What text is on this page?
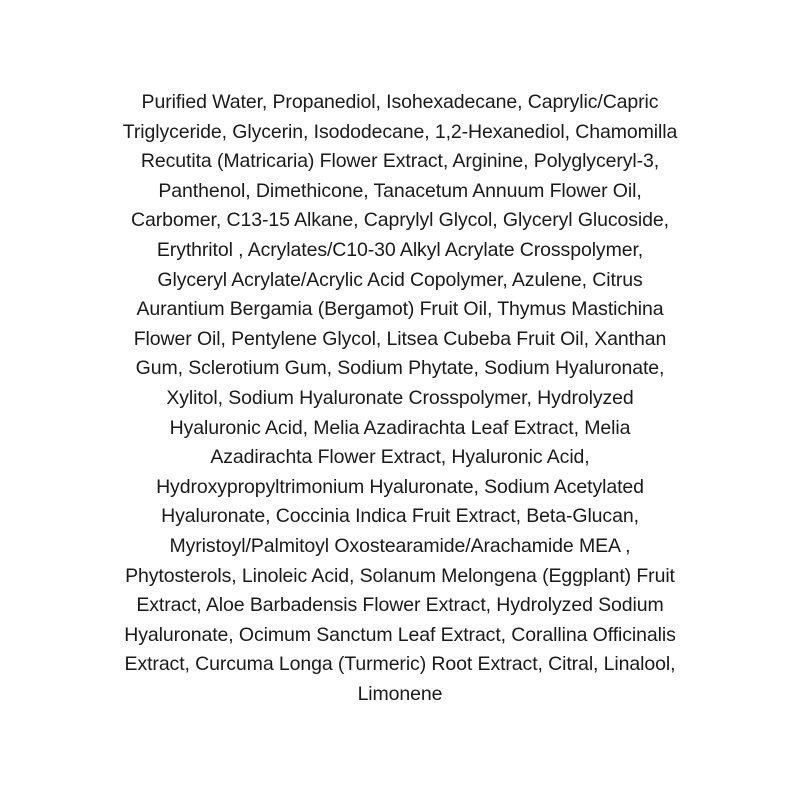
Purified Water, Propanediol, Isohexadecane, Caprylic/Capric
Triglyceride, Glycerin, Isododecane, 1,2-Hexanediol, Chamomilla
Recutita (Matricaria) Flower Extract, Arginine, Polyglyceryl-3,
Panthenol, Dimethicone, Tanacetum Annuum Flower Oil,
Carbomer, C13-15 Alkane, Caprylyl Glycol, Glyceryl Glucoside,
Erythritol , Acrylates/C10-30 Alkyl Acrylate Crosspolymer,
Glyceryl Acrylate/Acrylic Acid Copolymer, Azulene, Citrus
Aurantium Bergamia (Bergamot) Fruit Oil, Thymus Mastichina
Flower Oil, Pentylene Glycol, Litsea Cubeba Fruit Oil, Xanthan
Gum, Sclerotium Gum, Sodium Phytate, Sodium Hyaluronate,
Xylitol, Sodium Hyaluronate Crosspolymer, Hydrolyzed
Hyaluronic Acid, Melia Azadirachta Leaf Extract, Melia
Azadirachta Flower Extract, Hyaluronic Acid,
Hydroxypropyltrimonium Hyaluronate, Sodium Acetylated
Hyaluronate, Coccinia Indica Fruit Extract, Beta-Glucan,
Myristoyl/Palmitoyl Oxostearamide/Arachamide MEA ,
Phytosterols, Linoleic Acid, Solanum Melongena (Eggplant) Fruit
Extract, Aloe Barbadensis Flower Extract, Hydrolyzed Sodium
Hyaluronate, Ocimum Sanctum Leaf Extract, Corallina Officinalis
Extract, Curcuma Longa (Turmeric) Root Extract, Citral, Linalool,
Limonene
